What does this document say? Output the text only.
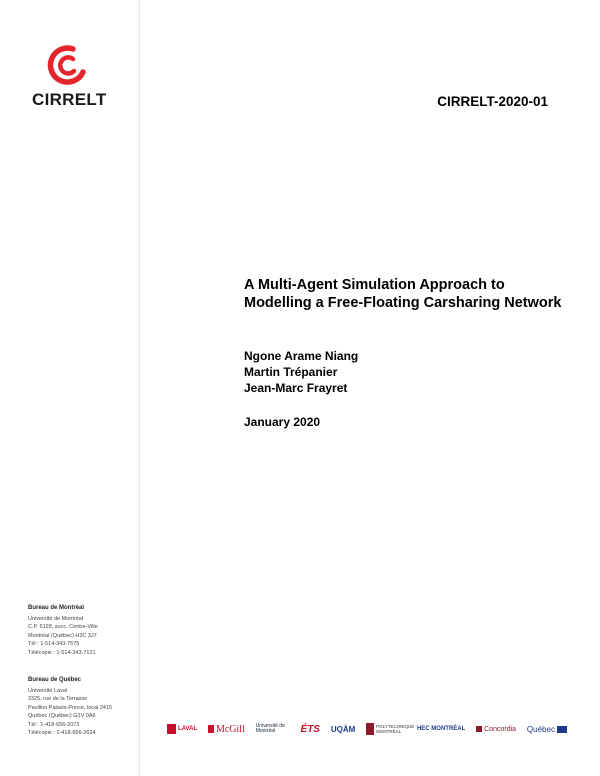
CIRRELT	CIRRELT-2020-01
A Multi-Agent Simulation Approach to Modelling a Free-Floating Carsharing Network
Ngone Arame Niang
Martin Trépanier
Jean-Marc Frayret
January 2020
Bureau de Montréal
Université de Montréal
C.P. 6128, succ. Centre-Ville
Montréal (Québec) H3C 3J7
Tél : 1-514-343-7575
Télécopie : 1-514-343-7121
Bureau de Québec
Université Laval
2325, rue de la Terrasse
Pavillon Palasis-Prince, local 2415
Québec (Québec) G1V 0A6
Tél : 1-418-656-2073
Télécopie : 1-418-656-2624
LAVAL McGill Université de Montréal	ÉTS UQÀM	POLYTECHNIQUE MONTRÉAL	HEC MONTRÉAL	Concordia Québec
